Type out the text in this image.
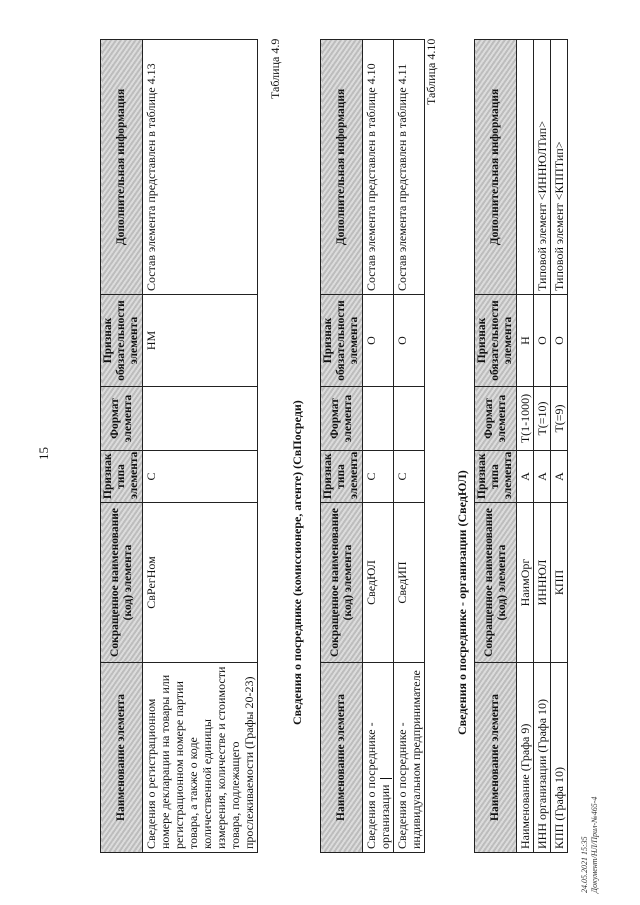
15
Наименование элемента	Сокращенное наименование (код) элемента	Признак типа элемента	Формат элемента	Признак обязательности элемента	Дополнительная информация
Сведения о регистрационном номере декларации на товары или регистрационном номере партии товара, а также о коде количественной единицы измерения, количестве и стоимости товара, подлежащего прослеживаемости (Графы 20-23)	СвРегНом	С		НМ	Состав элемента представлен в таблице 4.13	Таблица 4.9
Сведения о посреднике (комиссионере, агенте) (СвПосреди)
Наименование элемента	Сокращенное наименование (код) элемента	Признак типа элемента	Формат элемента	Признак обязательности элемента	Дополнительная информация
Сведения о посреднике - организации	СведЮЛ	С		О	Состав элемента представлен в таблице 4.10
Сведения о посреднике - индивидуальном предпринимателе	СведИП	С		О	Состав элемента представлен в таблице 4.11 Таблица 4.10
Сведения о посреднике - организации (СведЮЛ)
Наименование элемента	Сокращенное наименование (код) элемента	Признак типа элемента	Формат элемента	Признак обязательности элемента	Дополнительная информация
Наименование (Графа 9)	НаимОрг	А	T(1-1000)	Н	
ИНН организации (Графа 10)	ИННЮЛ	А	T(=10)	О	Типовой элемент <ИННЮЛТип>
КПП (Графа 10)	КПП	А	T(=9)	О	Типовой элемент <КППТип>
24.05.2021 15:35 Документ/НЛ/Прил-№465-4
